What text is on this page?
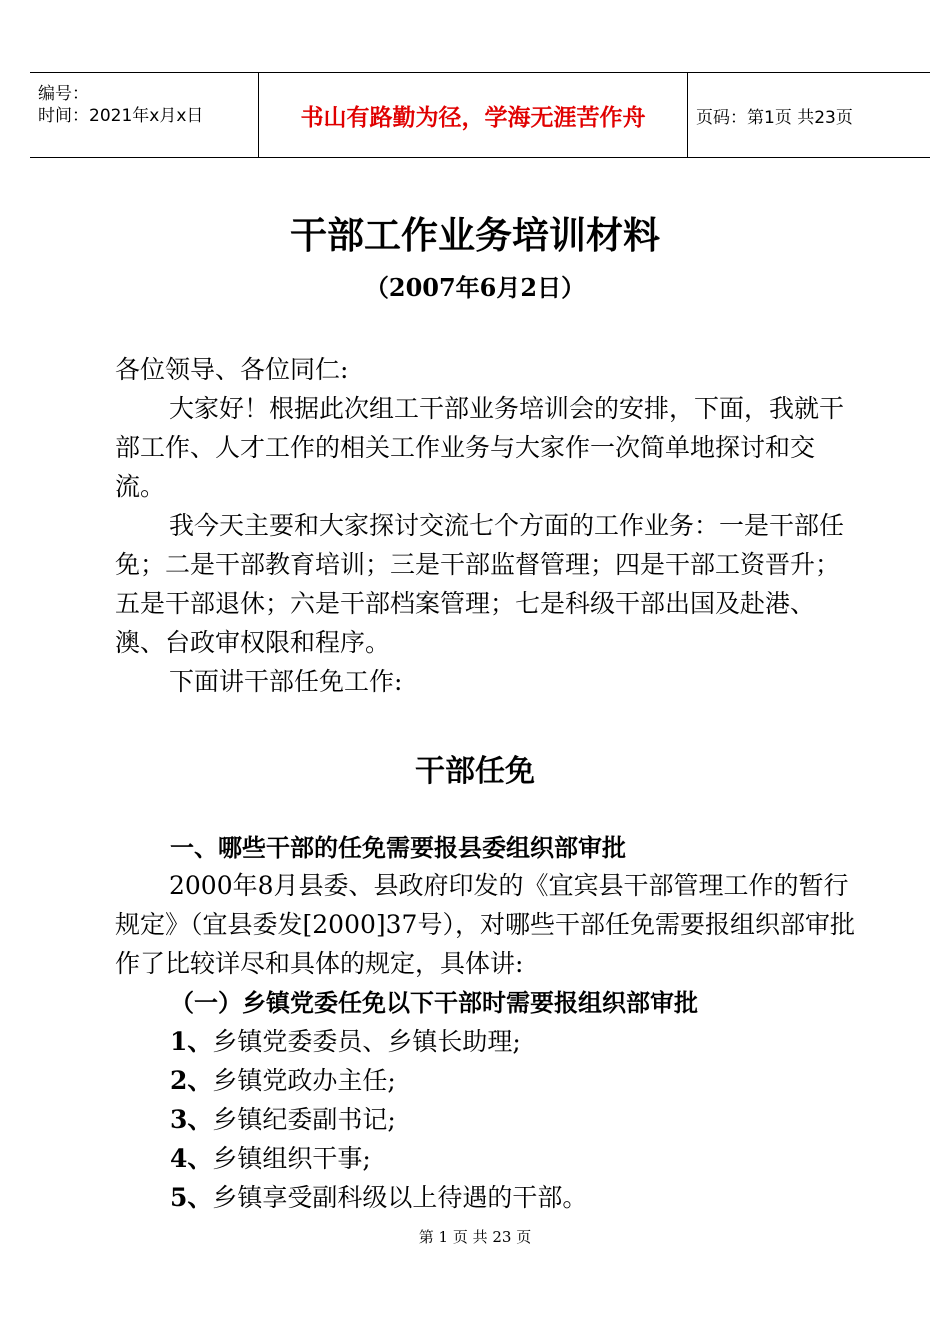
编号：
时间：2021年x月x日	书山有路勤为径，学海无涯苦作舟	页码：第1页 共23页
干部工作业务培训材料
（2007年6月2日）

各位领导、各位同仁:

大家好！根据此次组工干部业务培训会的安排，下面，我就干部工作、人才工作的相关工作业务与大家作一次简单地探讨和交流。

我今天主要和大家探讨交流七个方面的工作业务：一是干部任免；二是干部教育培训；三是干部监督管理；四是干部工资晋升；五是干部退休；六是干部档案管理；七是科级干部出国及赴港、澳、台政审权限和程序。

下面讲干部任免工作:

干部任免
一、哪些干部的任免需要报县委组织部审批

2000年8月县委、县政府印发的《宜宾县干部管理工作的暂行规定》（宜县委发[2000]37号），对哪些干部任免需要报组织部审批作了比较详尽和具体的规定，具体讲:

（一）乡镇党委任免以下干部时需要报组织部审批
1、乡镇党委委员、乡镇长助理;
2、乡镇党政办主任;
3、乡镇纪委副书记;
4、乡镇组织干事;
5、乡镇享受副科级以上待遇的干部。
第 1 页 共 23 页
